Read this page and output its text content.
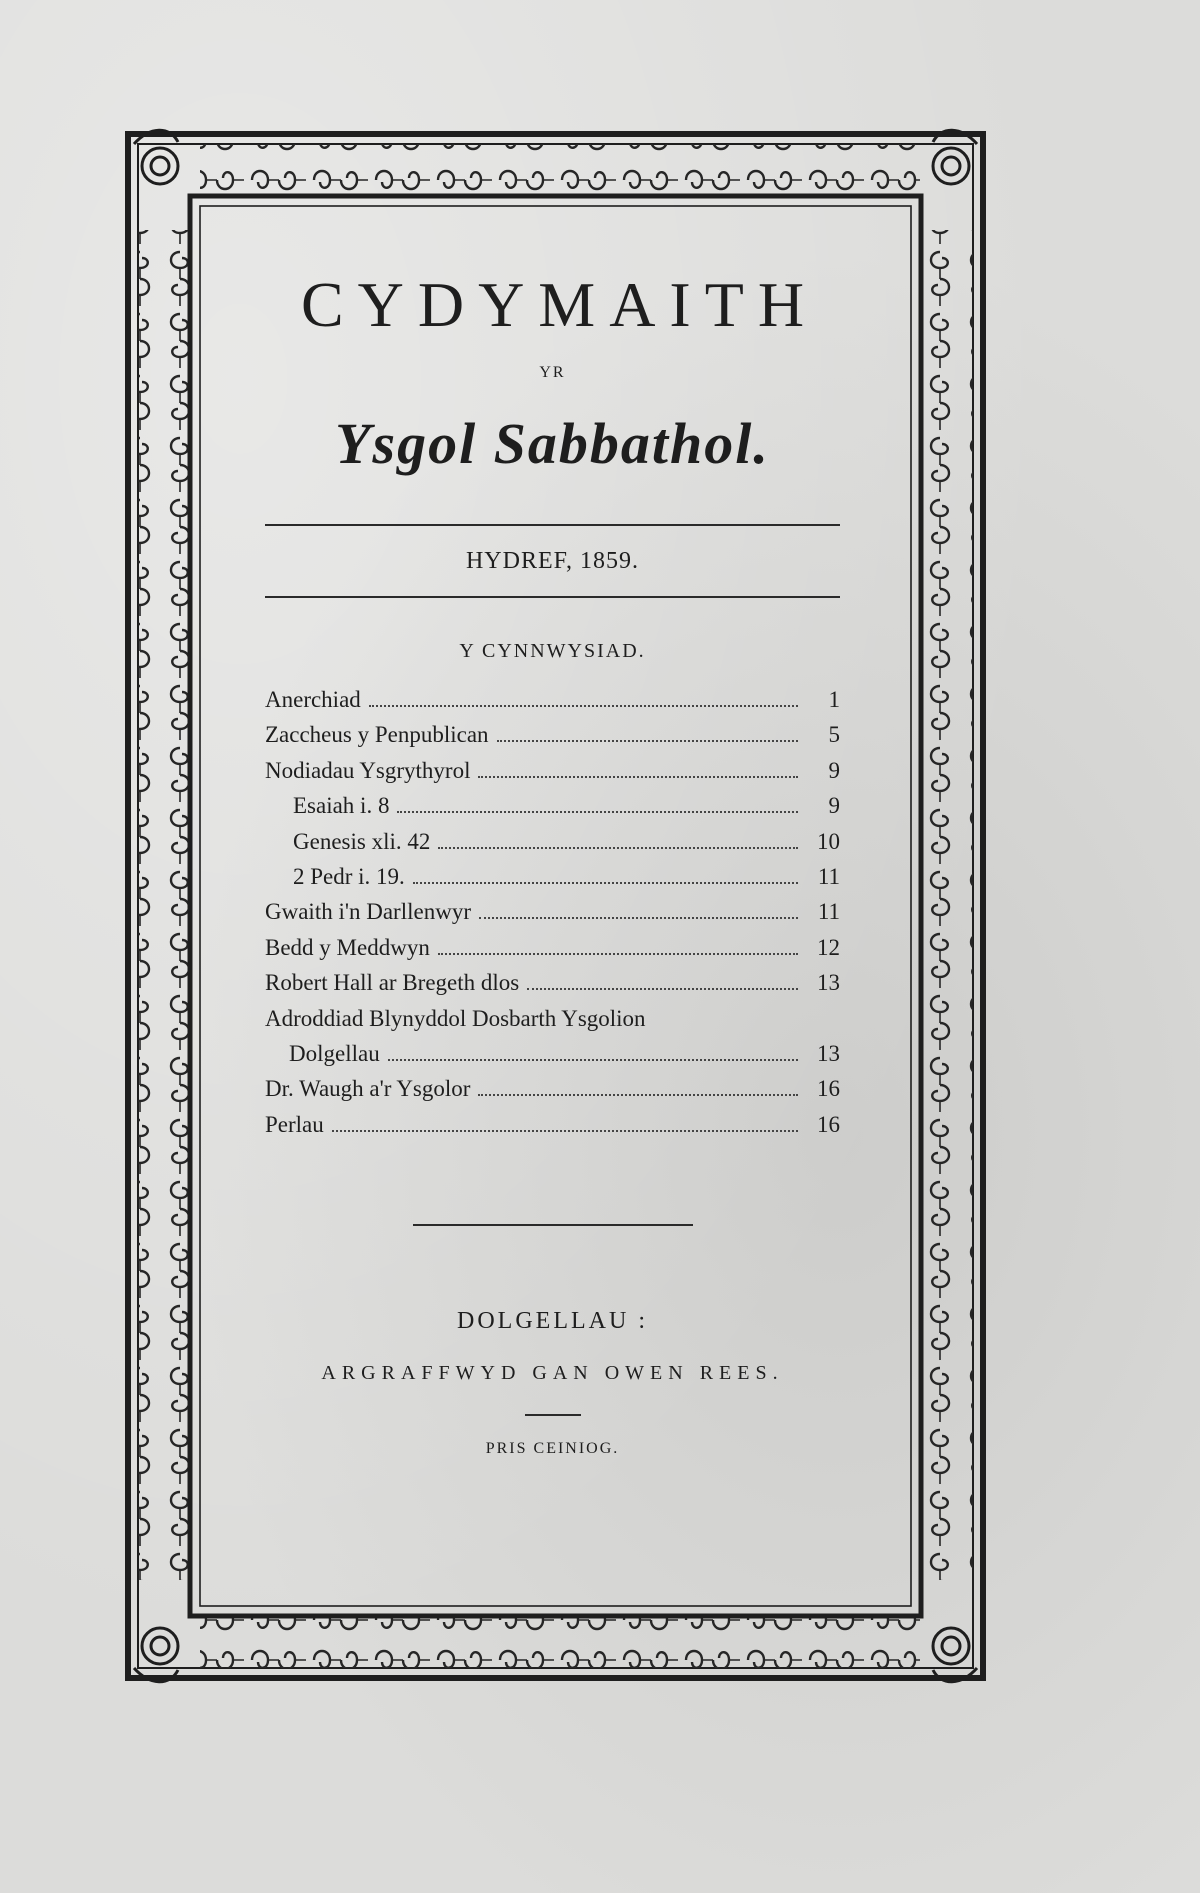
CYDYMAITH
YR
Ysgol Sabbathol.
HYDREF, 1859.
Y CYNNWYSIAD.
Anerchiad	1
Zaccheus y Penpublican	5
Nodiadau Ysgrythyrol	9
Esaiah i. 8	9
Genesis xli. 42	10
2 Pedr i. 19.	11
Gwaith i'n Darllenwyr	11
Bedd y Meddwyn	12
Robert Hall ar Bregeth dlos	13
Adroddiad Blynyddol Dosbarth Ysgolion
Dolgellau	13
Dr. Waugh a'r Ysgolor	16
Perlau	16
DOLGELLAU :
ARGRAFFWYD GAN OWEN REES.
PRIS CEINIOG.
